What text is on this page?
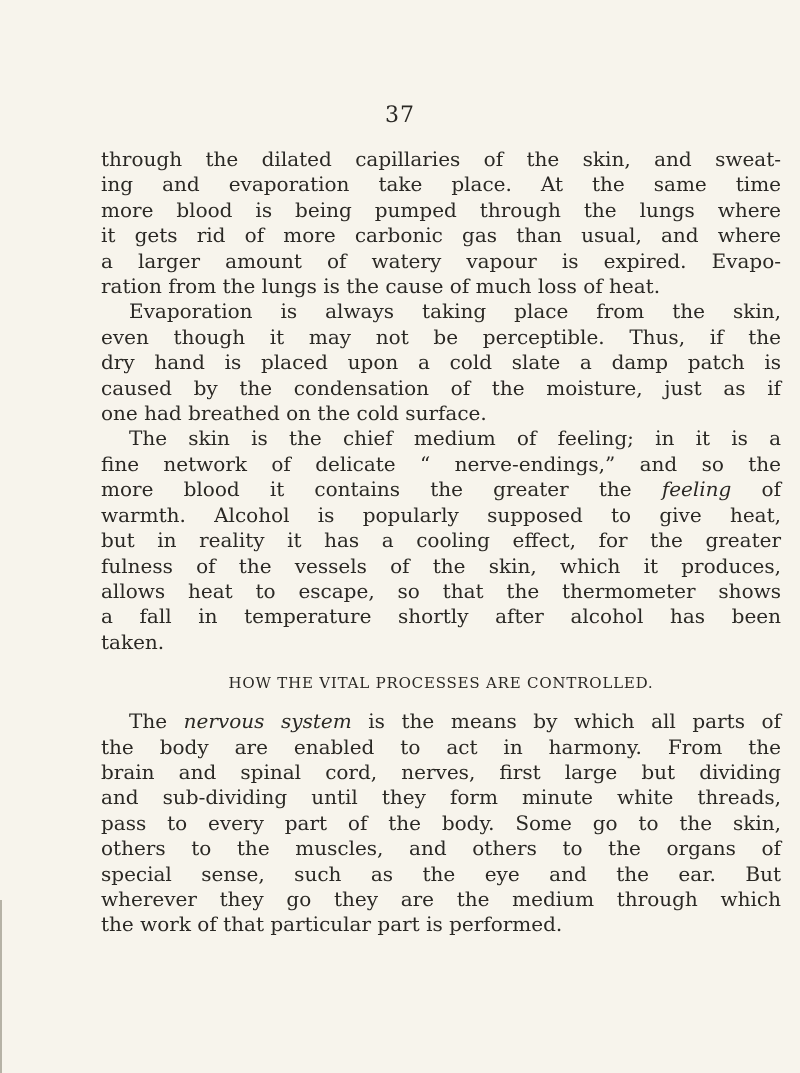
37
through the dilated capillaries of the skin, and sweat-
ing and evaporation take place. At the same time
more blood is being pumped through the lungs where
it gets rid of more carbonic gas than usual, and where
a larger amount of watery vapour is expired. Evapo-
ration from the lungs is the cause of much loss of heat.
Evaporation is always taking place from the skin,
even though it may not be perceptible. Thus, if the
dry hand is placed upon a cold slate a damp patch is
caused by the condensation of the moisture, just as if
one had breathed on the cold surface.
The skin is the chief medium of feeling; in it is a
fine network of delicate “ nerve-endings,” and so the
more blood it contains the greater the feeling of
warmth. Alcohol is popularly supposed to give heat,
but in reality it has a cooling effect, for the greater
fulness of the vessels of the skin, which it produces,
allows heat to escape, so that the thermometer shows
a fall in temperature shortly after alcohol has been
taken.
HOW THE VITAL PROCESSES ARE CONTROLLED.
The nervous system is the means by which all parts of
the body are enabled to act in harmony. From the
brain and spinal cord, nerves, first large but dividing
and sub-dividing until they form minute white threads,
pass to every part of the body. Some go to the skin,
others to the muscles, and others to the organs of
special sense, such as the eye and the ear. But
wherever they go they are the medium through which
the work of that particular part is performed.
